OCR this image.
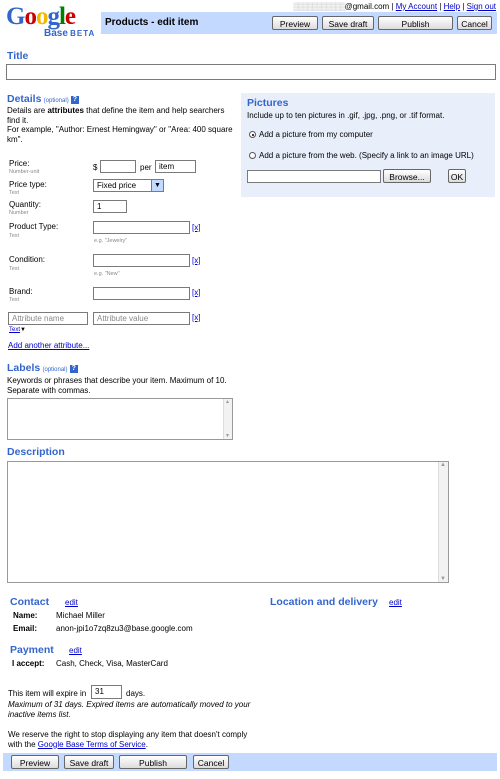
Google
Base BETA
▒▒▒▒▒▒▒▒▒▒▒@gmail.com | My Account | Help | Sign out
Products - edit item	Preview	Save draft	Publish	Cancel
Title
Details (optional) ?
Details are attributes that define the item and help searchers find it.
For example, "Author: Ernest Hemingway" or "Area: 400 square km".
Price:
Number-unit	$	per item
Price type:
Text
Fixed price	▼
Quantity:
Number
1
Product Type:
Text
[x]
e.g. "Jewelry"
Condition:
Text
[x]
e.g. "New"
Brand:
Text
[x]
Attribute name	Attribute value	[x]
Text▼
Add another attribute...
Pictures
Include up to ten pictures in .gif, .jpg, .png, or .tif format.
Add a picture from my computer
Add a picture from the web. (Specify a link to an image URL)
Browse...	OK
Labels (optional) ?
Keywords or phrases that describe your item. Maximum of 10. Separate with commas.
▲
▼
Description
▲
▼
Contact edit
Name: Michael Miller
Email: anon-jpi1o7zq8zu3@base.google.com
Location and delivery edit
Payment edit
I accept: Cash, Check, Visa, MasterCard
This item will expire in	31	days.
Maximum of 31 days. Expired items are automatically moved to your inactive items list.
We reserve the right to stop displaying any item that doesn't comply with the Google Base Terms of Service.
Preview	Save draft	Publish	Cancel
